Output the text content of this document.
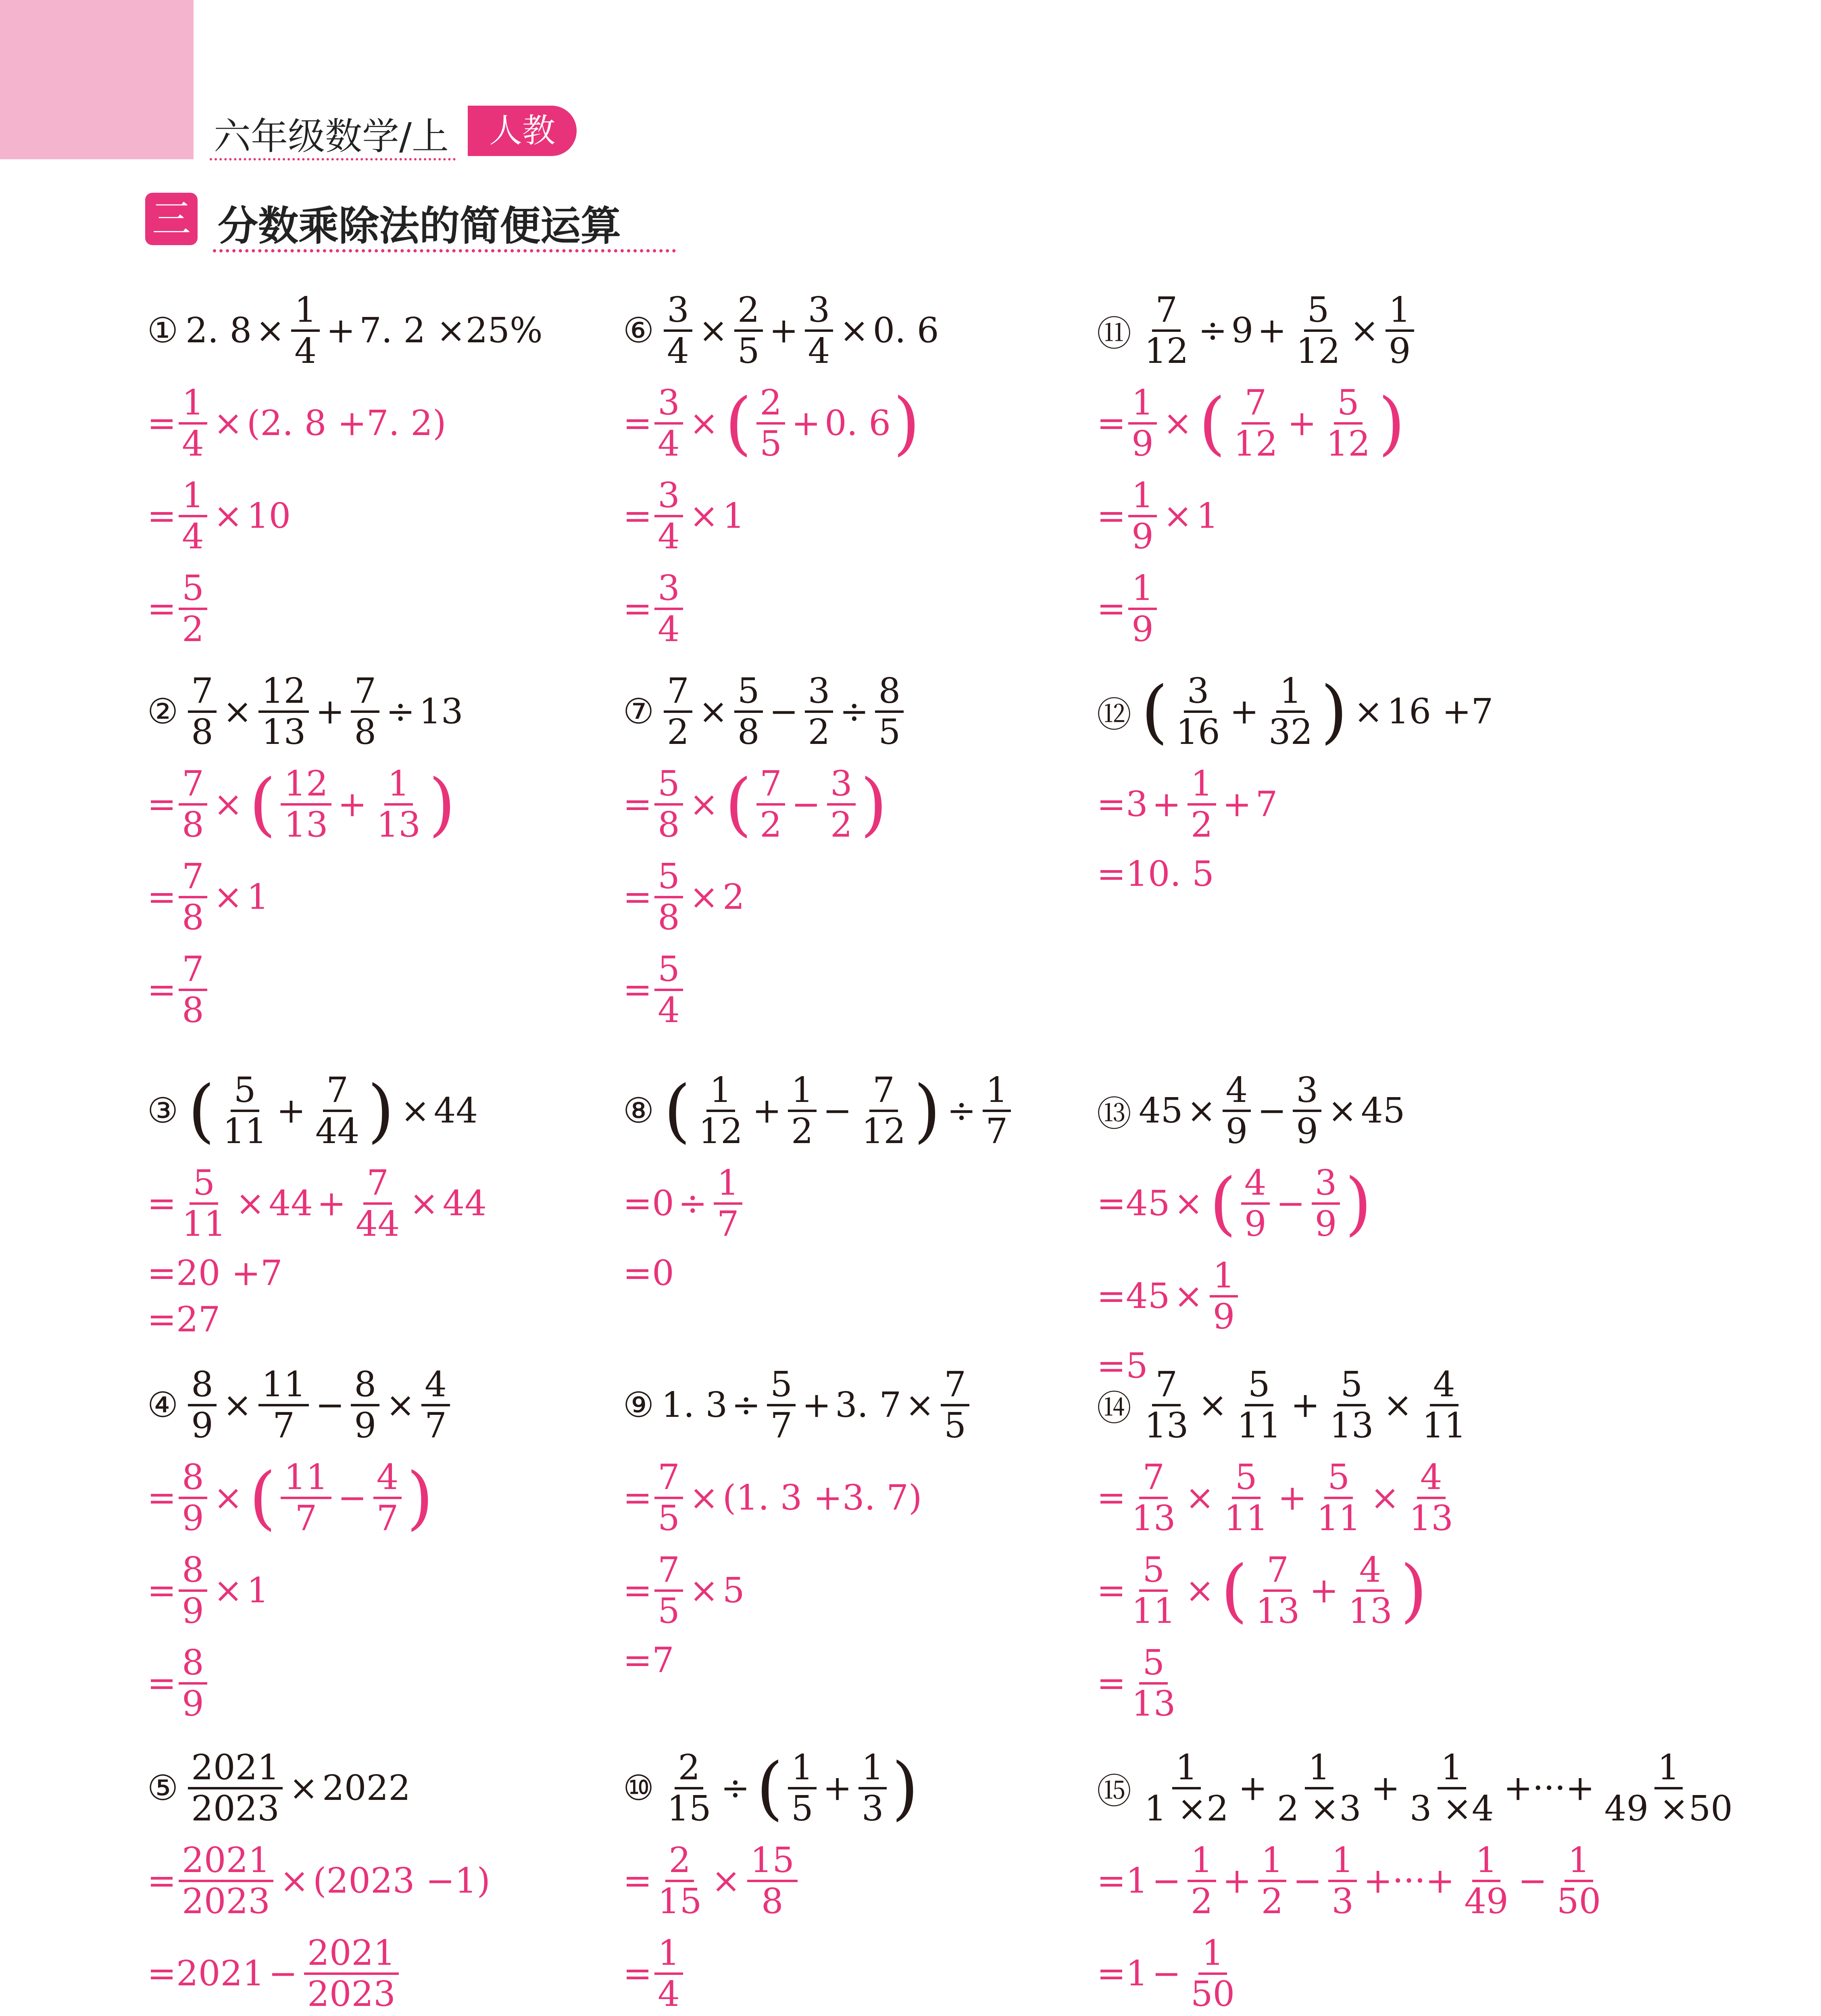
六年级数学/上	人教
三 分数乘除法的简便运算
① 2. $8 \times \frac{1}{4} + 7$. 2 ×25%
= $\frac{1}{4} \times (2$. 8 +7. 2)
= $\frac{1}{4} \times 10$
= $\frac{5}{2}$
② $\frac{7}{8} \times \frac{12}{13} + \frac{7}{8} \div 13$
= $\frac{7}{8}$ × ( $\frac{12}{13} + \frac{1}{13}$ )
= $\frac{7}{8} \times 1$
= $\frac{7}{8}$
③ ( $\frac{5}{11} + \frac{7}{44}$ ) × 44
= $\frac{5}{11} \times 44 + \frac{7}{44} \times 44$
=20 +7
=27
④ $\frac{8}{9} \times \frac{11}{7} - \frac{8}{9} \times \frac{4}{7}$
= $\frac{8}{9}$ × ( $\frac{11}{7} - \frac{4}{7}$ )
= $\frac{8}{9} \times 1$
= $\frac{8}{9}$
⑤ $\frac{2021}{2023} \times 2022$
= $\frac{2021}{2023} \times (2023 -1)$
$=2021 - \frac{2021}{2023}$
⑥ $\frac{3}{4} \times \frac{2}{5} + \frac{3}{4} \times 0$. 6
= $\frac{3}{4}$ × ( $\frac{2}{5} + 0$. 6 )
= $\frac{3}{4} \times 1$
= $\frac{3}{4}$
⑦ $\frac{7}{2} \times \frac{5}{8} - \frac{3}{2} \div \frac{8}{5}$
= $\frac{5}{8}$ × ( $\frac{7}{2} - \frac{3}{2}$ )
= $\frac{5}{8} \times 2$
= $\frac{5}{4}$
⑧ ( $\frac{1}{12} + \frac{1}{2} - \frac{7}{12}$ ) ÷ $\frac{1}{7}$
$=0 \div \frac{1}{7}$
=0
⑨ 1. $3 \div \frac{5}{7} + 3$. $7 \times \frac{7}{5}$
= $\frac{7}{5} \times (1$. 3 +3. 7)
= $\frac{7}{5} \times 5$
=7
⑩ $\frac{2}{15}$ ÷ ( $\frac{1}{5} + \frac{1}{3}$ )
= $\frac{2}{15} \times \frac{15}{8}$
= $\frac{1}{4}$
⑪ $\frac{7}{12} \div 9 + \frac{5}{12} \times \frac{1}{9}$
= $\frac{1}{9}$ × ( $\frac{7}{12} + \frac{5}{12}$ )
= $\frac{1}{9} \times 1$
= $\frac{1}{9}$
⑫ ( $\frac{3}{16} + \frac{1}{32}$ ) × 16 +7
$=3 + \frac{1}{2} + 7$
=10. 5
⑬ $45 \times \frac{4}{9} - \frac{3}{9} \times 45$
=45 × ( $\frac{4}{9} - \frac{3}{9}$ )
$=45 \times \frac{1}{9}$
=5
⑭ $\frac{7}{13} \times \frac{5}{11} + \frac{5}{13} \times \frac{4}{11}$
= $\frac{7}{13} \times \frac{5}{11} + \frac{5}{11} \times \frac{4}{13}$
= $\frac{5}{11}$ × ( $\frac{7}{13} + \frac{4}{13}$ )
= $\frac{5}{13}$
⑮ $\frac{1}{1 \times 2} + \frac{1}{2 \times 3} + \frac{1}{3 \times 4}$ +···+ $\frac{1}{49 \times 50}$
$=1 - \frac{1}{2} + \frac{1}{2} - \frac{1}{3}$ +···+ $\frac{1}{49} - \frac{1}{50}$
$=1 - \frac{1}{50}$
